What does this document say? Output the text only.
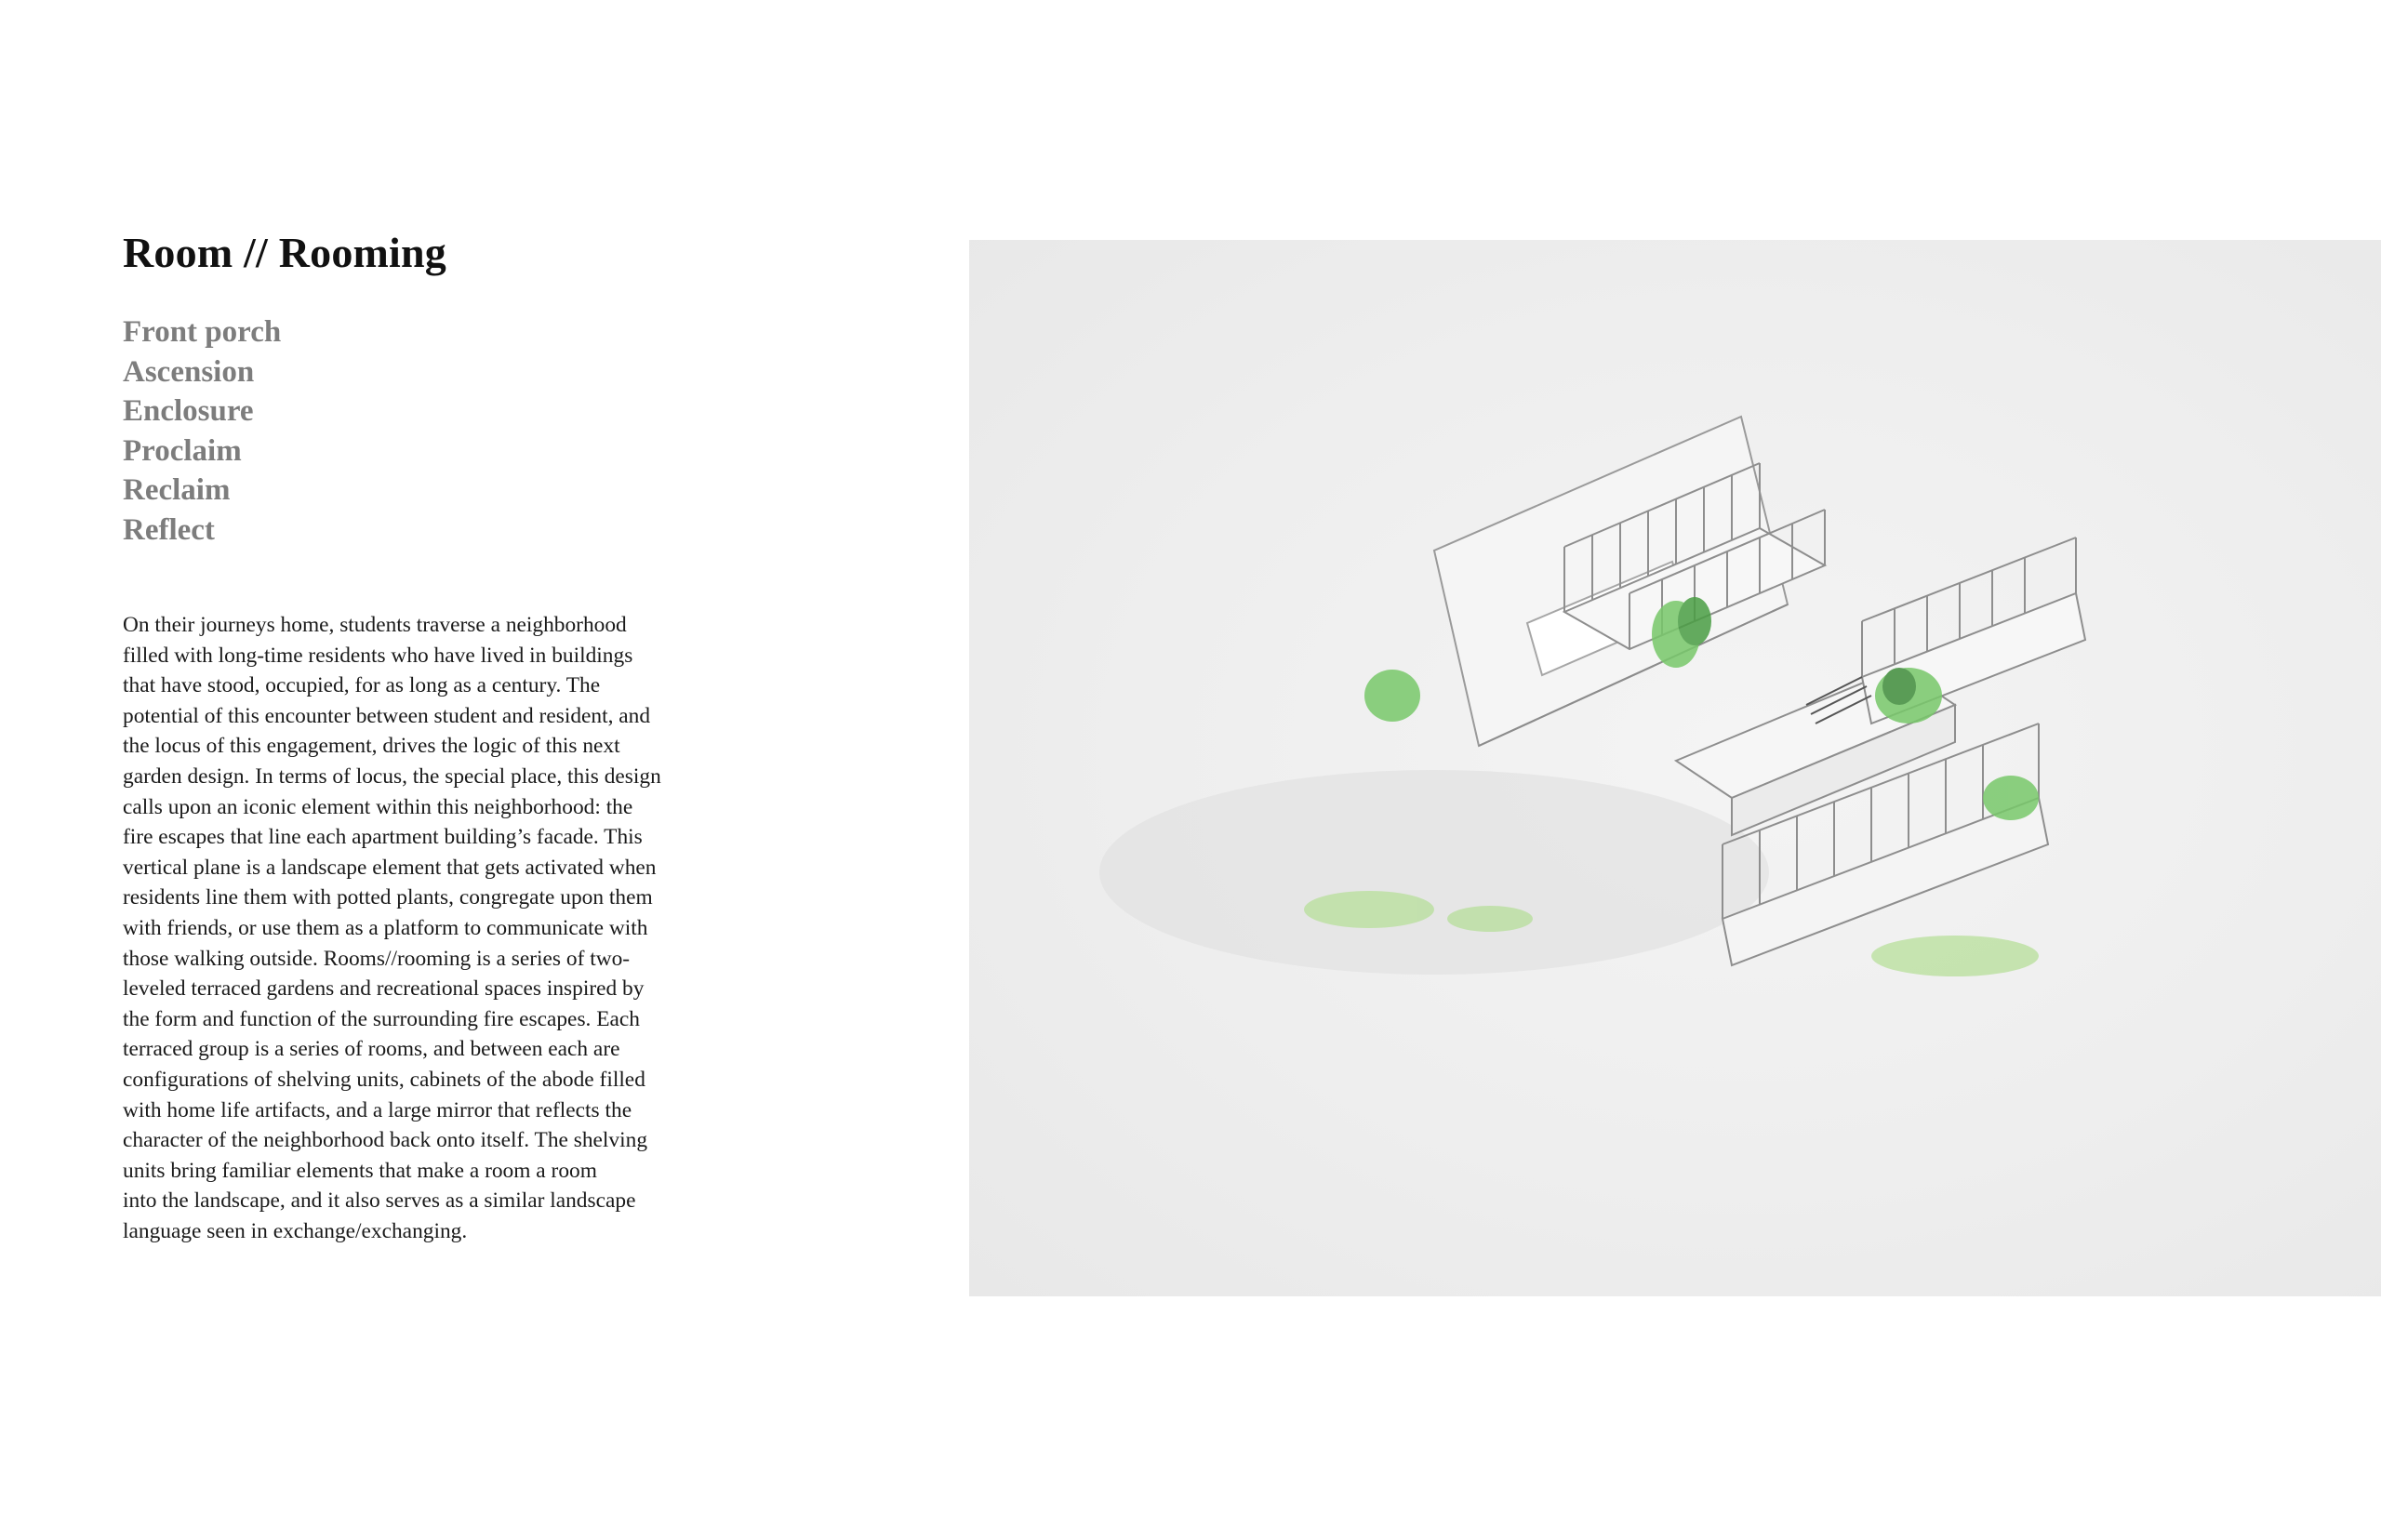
Room // Rooming
Front porch
Ascension
Enclosure
Proclaim
Reclaim
Reflect

On their journeys home, students traverse a neighborhood
filled with long-time residents who have lived in buildings
that have stood, occupied, for as long as a century. The
potential of this encounter between student and resident, and
the locus of this engagement, drives the logic of this next
garden design. In terms of locus, the special place, this design
calls upon an iconic element within this neighborhood: the
fire escapes that line each apartment building’s facade. This
vertical plane is a landscape element that gets activated when
residents line them with potted plants, congregate upon them
with friends, or use them as a platform to communicate with
those walking outside. Rooms//rooming is a series of two-
leveled terraced gardens and recreational spaces inspired by
the form and function of the surrounding fire escapes. Each
terraced group is a series of rooms, and between each are
configurations of shelving units, cabinets of the abode filled
with home life artifacts, and a large mirror that reflects the
character of the neighborhood back onto itself. The shelving
units bring familiar elements that make a room a room
into the landscape, and it also serves as a similar landscape
language seen in exchange/exchanging.
